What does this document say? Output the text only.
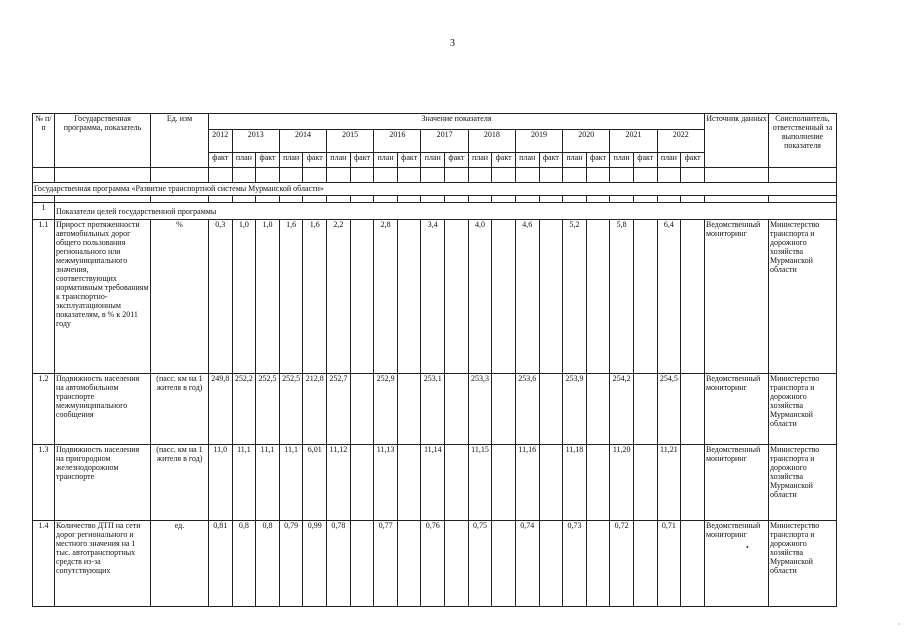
3
№ п/п	Государственная программа, показатель	Ед. изм	Значение показателя																					Источник данных	Соисполнитель, ответственный за выполнение показателя
			2012	2013		2014		2015		2016		2017		2018		2019		2020		2021		2022			
			факт	план	факт	план	факт	план	факт	план	факт	план	факт	план	факт	план	факт	план	факт	план	факт	план	факт		

Государственная программа «Развитие транспортной системы Мурманской области»																									

1	Показатели целей государственной программы																								
1.1	Прирост протяженности автомобильных дорог общего пользования регионального или межмуниципального значения, соответствующих нормативным требованиям к транспортно-эксплуатационным показателям, в % к 2011 году	%	0,3	1,0	1,0	1,6	1,6	2,2		2,8		3,4		4,0		4,6		5,2		5,8		6,4		Ведомственный мониторинг	Министерство транспорта и дорожного хозяйства Мурманской области
1.2	Подвижность населения на автомобильном транспорте межмуниципального сообщения	(пасс. км на 1 жителя в год)	249,8	252,2	252,5	252,5	212,8	252,7		252,9		253,1		253,3		253,6		253,9		254,2		254,5		Ведомственный мониторинг	Министерство транспорта и дорожного хозяйства Мурманской области
1.3	Подвижность населения на пригородном железнодорожном транспорте	(пасс. км на 1 жителя в год)	11,0	11,1	11,1	11,1	6,01	11,12		11,13		11,14		11,15		11,16		11,18		11,20		11,21		Ведомственный мониторинг	Министерство транспорта и дорожного хозяйства Мурманской области
1.4	Количество ДТП на сети дорог регионального и местного значения на 1 тыс. автотранспортных средств из-за сопутствующих	ед.	0,81	0,8	0,8	0,79	0,99	0,78		0,77		0,76		0,75		0,74		0,73		0,72		0,71		Ведомственный мониторинг	Министерство транспорта и дорожного хозяйства Мурманской области
•
·
